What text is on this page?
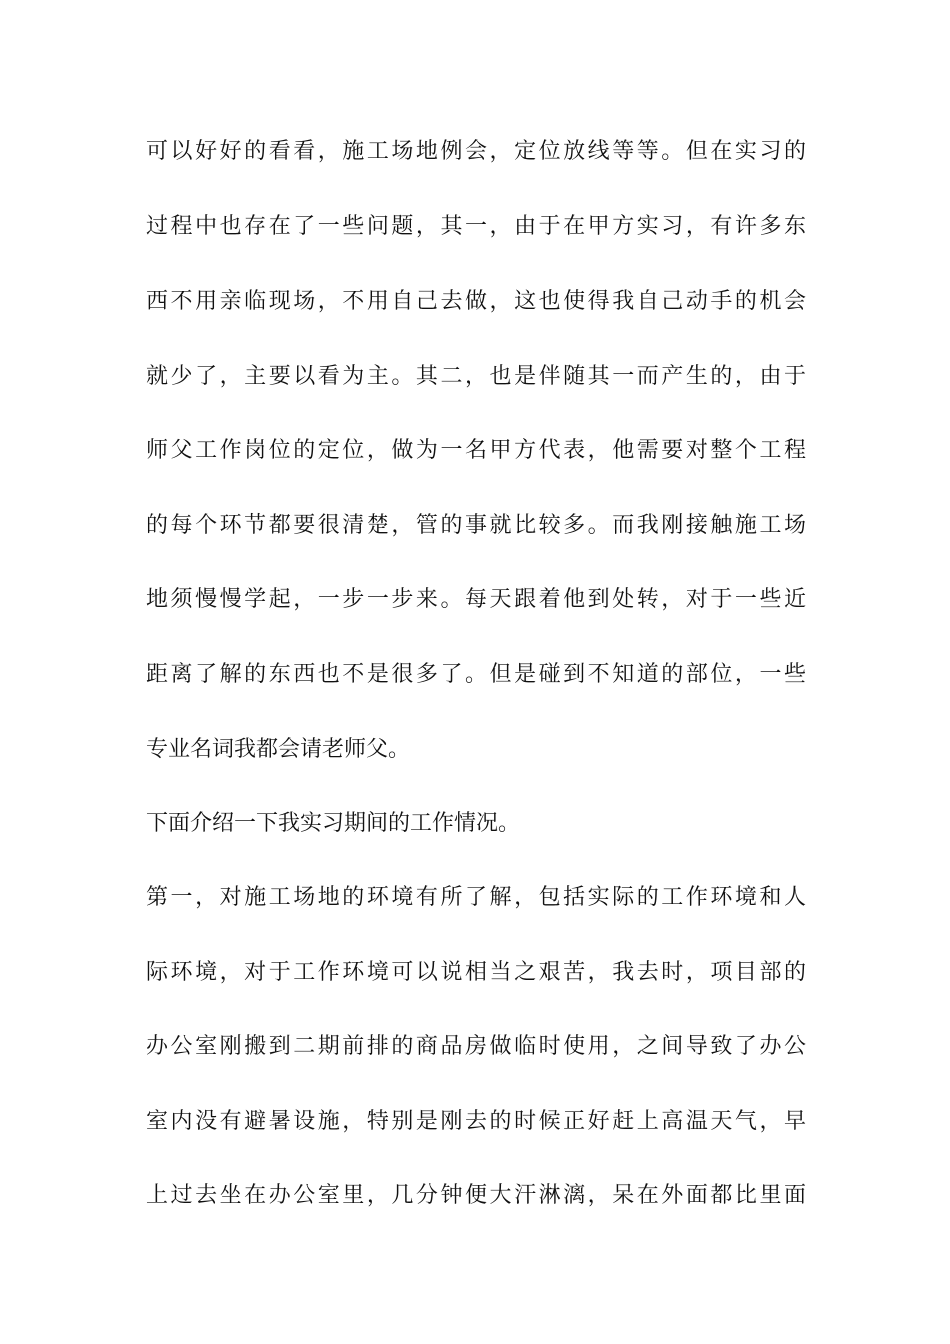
可以好好的看看，施工场地例会，定位放线等等。但在实习的
过程中也存在了一些问题，其一，由于在甲方实习，有许多东
西不用亲临现场，不用自己去做，这也使得我自己动手的机会
就少了，主要以看为主。其二，也是伴随其一而产生的，由于
师父工作岗位的定位，做为一名甲方代表，他需要对整个工程
的每个环节都要很清楚，管的事就比较多。而我刚接触施工场
地须慢慢学起，一步一步来。每天跟着他到处转，对于一些近
距离了解的东西也不是很多了。但是碰到不知道的部位，一些
专业名词我都会请老师父。
下面介绍一下我实习期间的工作情况。
第一，对施工场地的环境有所了解，包括实际的工作环境和人
际环境，对于工作环境可以说相当之艰苦，我去时，项目部的
办公室刚搬到二期前排的商品房做临时使用，之间导致了办公
室内没有避暑设施，特别是刚去的时候正好赶上高温天气，早
上过去坐在办公室里，几分钟便大汗淋漓，呆在外面都比里面
